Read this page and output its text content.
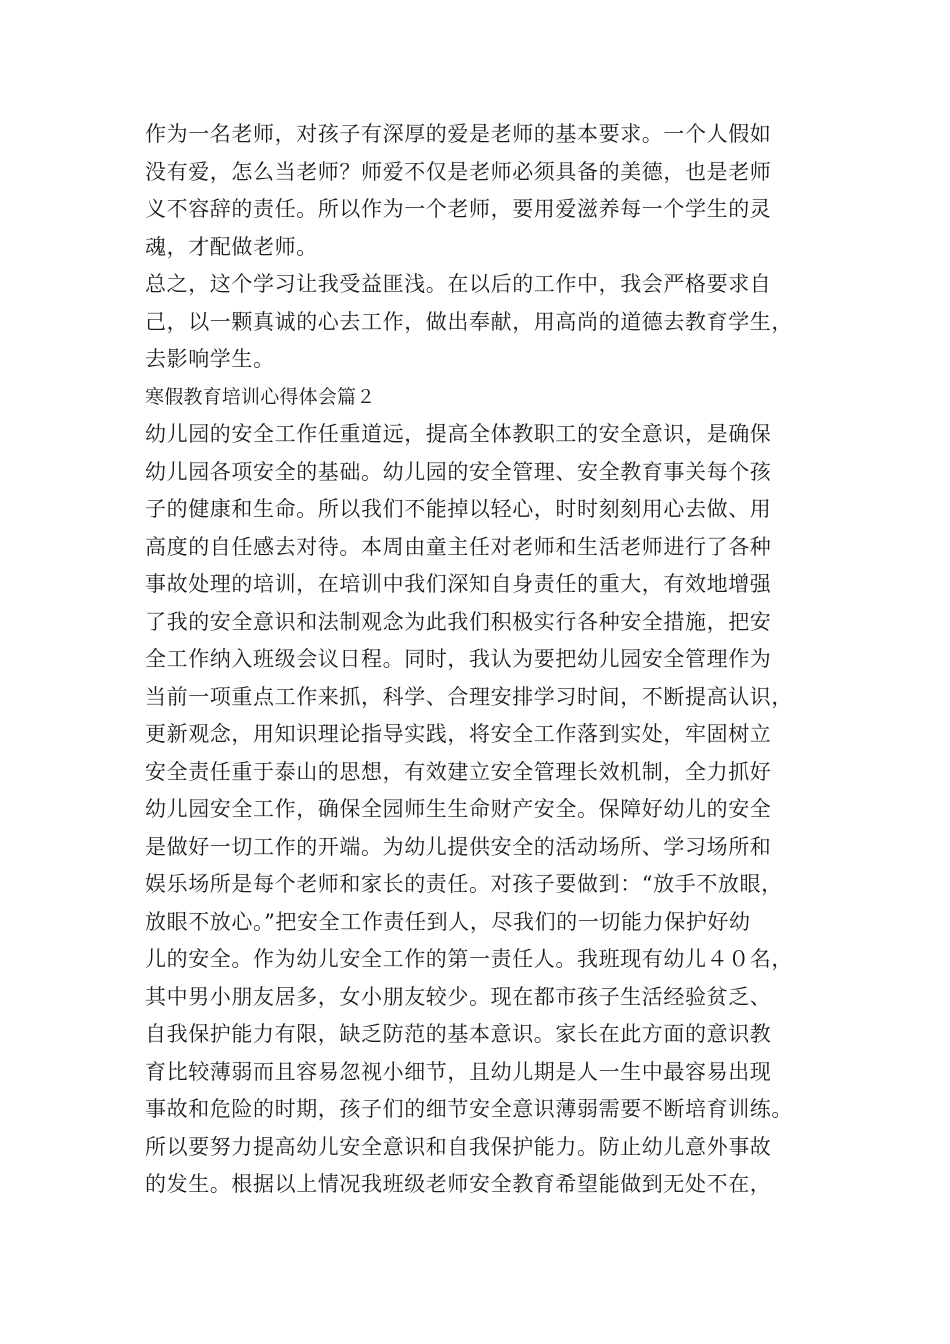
作为一名老师，对孩子有深厚的爱是老师的基本要求。一个人假如
没有爱，怎么当老师？师爱不仅是老师必须具备的美德，也是老师
义不容辞的责任。所以作为一个老师，要用爱滋养每一个学生的灵
魂，才配做老师。
总之，这个学习让我受益匪浅。在以后的工作中，我会严格要求自
己，以一颗真诚的心去工作，做出奉献，用高尚的道德去教育学生，
去影响学生。
寒假教育培训心得体会篇２
幼儿园的安全工作任重道远，提高全体教职工的安全意识，是确保
幼儿园各项安全的基础。幼儿园的安全管理、安全教育事关每个孩
子的健康和生命。所以我们不能掉以轻心，时时刻刻用心去做、用
高度的自任感去对待。本周由童主任对老师和生活老师进行了各种
事故处理的培训，在培训中我们深知自身责任的重大，有效地增强
了我的安全意识和法制观念为此我们积极实行各种安全措施，把安
全工作纳入班级会议日程。同时，我认为要把幼儿园安全管理作为
当前一项重点工作来抓，科学、合理安排学习时间，不断提高认识，
更新观念，用知识理论指导实践，将安全工作落到实处，牢固树立
安全责任重于泰山的思想，有效建立安全管理长效机制，全力抓好
幼儿园安全工作，确保全园师生生命财产安全。保障好幼儿的安全
是做好一切工作的开端。为幼儿提供安全的活动场所、学习场所和
娱乐场所是每个老师和家长的责任。对孩子要做到：“放手不放眼，
放眼不放心。”把安全工作责任到人，尽我们的一切能力保护好幼
儿的安全。作为幼儿安全工作的第一责任人。我班现有幼儿４０名，
其中男小朋友居多，女小朋友较少。现在都市孩子生活经验贫乏、
自我保护能力有限，缺乏防范的基本意识。家长在此方面的意识教
育比较薄弱而且容易忽视小细节，且幼儿期是人一生中最容易出现
事故和危险的时期，孩子们的细节安全意识薄弱需要不断培育训练。
所以要努力提高幼儿安全意识和自我保护能力。防止幼儿意外事故
的发生。根据以上情况我班级老师安全教育希望能做到无处不在，
